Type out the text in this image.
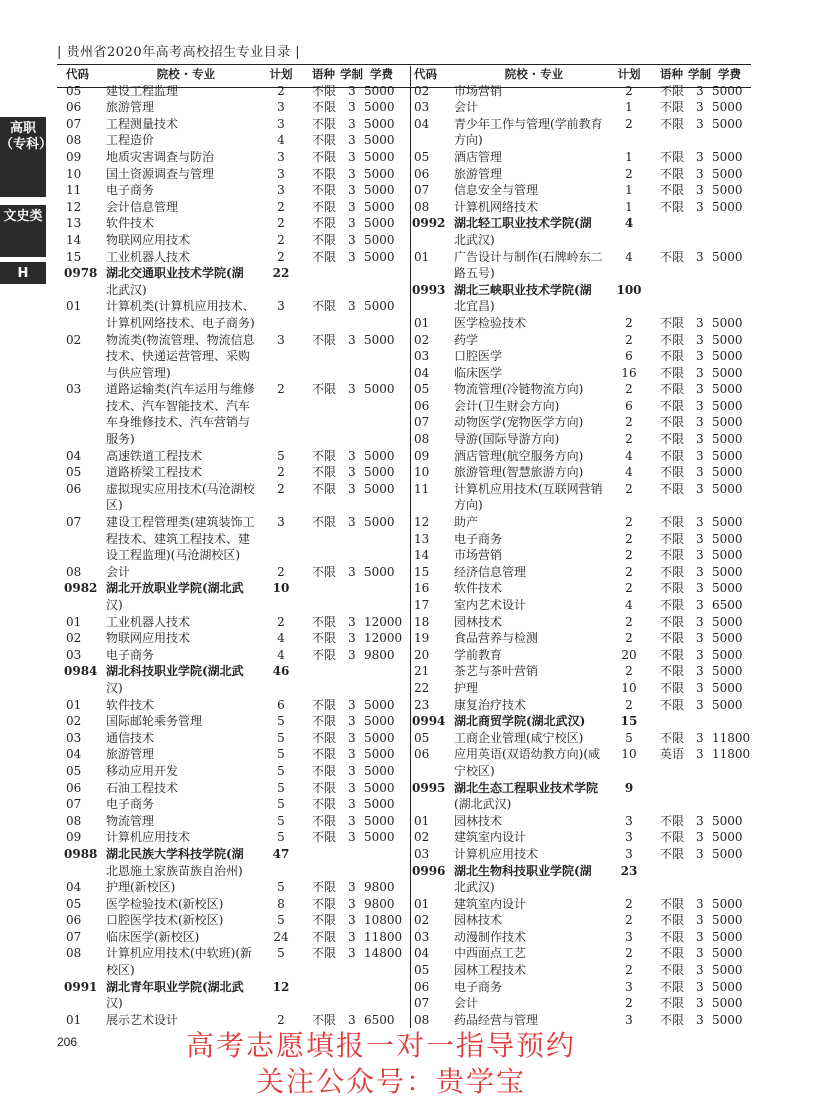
| 贵州省2020年高考高校招生专业目录 |
高职（专科）
文史类
H
代码	院校 · 专业	计划	语种 学制 学费
05	建设工程监理	2	不限 3 5000
06	旅游管理	3	不限 3 5000
07	工程测量技术	3	不限 3 5000
08	工程造价	4	不限 3 5000
09	地质灾害调查与防治	3	不限 3 5000
10	国土资源调查与管理	3	不限 3 5000
11	电子商务	3	不限 3 5000
12	会计信息管理	2	不限 3 5000
13	软件技术	2	不限 3 5000
14	物联网应用技术	2	不限 3 5000
15	工业机器人技术	2	不限 3 5000
0978 湖北交通职业技术学院(湖	22
北武汉)
01	计算机类(计算机应用技术、	3	不限 3 5000
计算机网络技术、电子商务)
02	物流类(物流管理、物流信息	3	不限 3 5000
技术、快递运营管理、采购
与供应管理)
03	道路运输类(汽车运用与维修	2	不限 3 5000
技术、汽车智能技术、汽车
车身维修技术、汽车营销与
服务)
04	高速铁道工程技术	5	不限 3 5000
05	道路桥梁工程技术	2	不限 3 5000
06	虚拟现实应用技术(马沧湖校	2	不限 3 5000
区)
07	建设工程管理类(建筑装饰工	3	不限 3 5000
程技术、建筑工程技术、建
设工程监理)(马沧湖校区)
08	会计	2	不限 3 5000
0982 湖北开放职业学院(湖北武	10
汉)
01	工业机器人技术	2	不限 3 12000
02	物联网应用技术	4	不限 3 12000
03	电子商务	4	不限 3 9800
0984 湖北科技职业学院(湖北武	46
汉)
01	软件技术	6	不限 3 5000
02	国际邮轮乘务管理	5	不限 3 5000
03	通信技术	5	不限 3 5000
04	旅游管理	5	不限 3 5000
05	移动应用开发	5	不限 3 5000
06	石油工程技术	5	不限 3 5000
07	电子商务	5	不限 3 5000
08	物流管理	5	不限 3 5000
09	计算机应用技术	5	不限 3 5000
0988 湖北民族大学科技学院(湖	47
北恩施土家族苗族自治州)
04	护理(新校区)	5	不限 3 9800
05	医学检验技术(新校区)	8	不限 3 9800
06	口腔医学技术(新校区)	5	不限 3 10800
07	临床医学(新校区)	24	不限 3 11800
08	计算机应用技术(中软班)(新	5	不限 3 14800
校区)
0991 湖北青年职业学院(湖北武	12
汉)
01	展示艺术设计	2	不限 3 6500
代码	院校 · 专业	计划	语种 学制 学费
02	市场营销	2	不限 3 5000
03	会计	1	不限 3 5000
04	青少年工作与管理(学前教育	2	不限 3 5000
方向)
05	酒店管理	1	不限 3 5000
06	旅游管理	2	不限 3 5000
07	信息安全与管理	1	不限 3 5000
08	计算机网络技术	1	不限 3 5000
0992 湖北轻工职业技术学院(湖	4
北武汉)
01	广告设计与制作(石牌岭东二	4	不限 3 5000
路五号)
0993 湖北三峡职业技术学院(湖	100
北宜昌)
01	医学检验技术	2	不限 3 5000
02	药学	2	不限 3 5000
03	口腔医学	6	不限 3 5000
04	临床医学	16	不限 3 5000
05	物流管理(冷链物流方向)	2	不限 3 5000
06	会计(卫生财会方向)	6	不限 3 5000
07	动物医学(宠物医学方向)	2	不限 3 5000
08	导游(国际导游方向)	2	不限 3 5000
09	酒店管理(航空服务方向)	4	不限 3 5000
10	旅游管理(智慧旅游方向)	4	不限 3 5000
11	计算机应用技术(互联网营销	2	不限 3 5000
方向)
12	助产	2	不限 3 5000
13	电子商务	2	不限 3 5000
14	市场营销	2	不限 3 5000
15	经济信息管理	2	不限 3 5000
16	软件技术	2	不限 3 5000
17	室内艺术设计	4	不限 3 6500
18	园林技术	2	不限 3 5000
19	食品营养与检测	2	不限 3 5000
20	学前教育	20	不限 3 5000
21	茶艺与茶叶营销	2	不限 3 5000
22	护理	10	不限 3 5000
23	康复治疗技术	2	不限 3 5000
0994 湖北商贸学院(湖北武汉)	15
05	工商企业管理(咸宁校区)	5	不限 3 11800
06	应用英语(双语幼教方向)(咸	10	英语 3 11800
宁校区)
0995 湖北生态工程职业技术学院	9
(湖北武汉)
01	园林技术	3	不限 3 5000
02	建筑室内设计	3	不限 3 5000
03	计算机应用技术	3	不限 3 5000
0996 湖北生物科技职业学院(湖	23
北武汉)
01	建筑室内设计	2	不限 3 5000
02	园林技术	2	不限 3 5000
03	动漫制作技术	3	不限 3 5000
04	中西面点工艺	2	不限 3 5000
05	园林工程技术	2	不限 3 5000
06	电子商务	3	不限 3 5000
07	会计	2	不限 3 5000
08	药品经营与管理	3	不限 3 5000
206	高考志愿填报一对一指导预约
关注公众号：贵学宝
